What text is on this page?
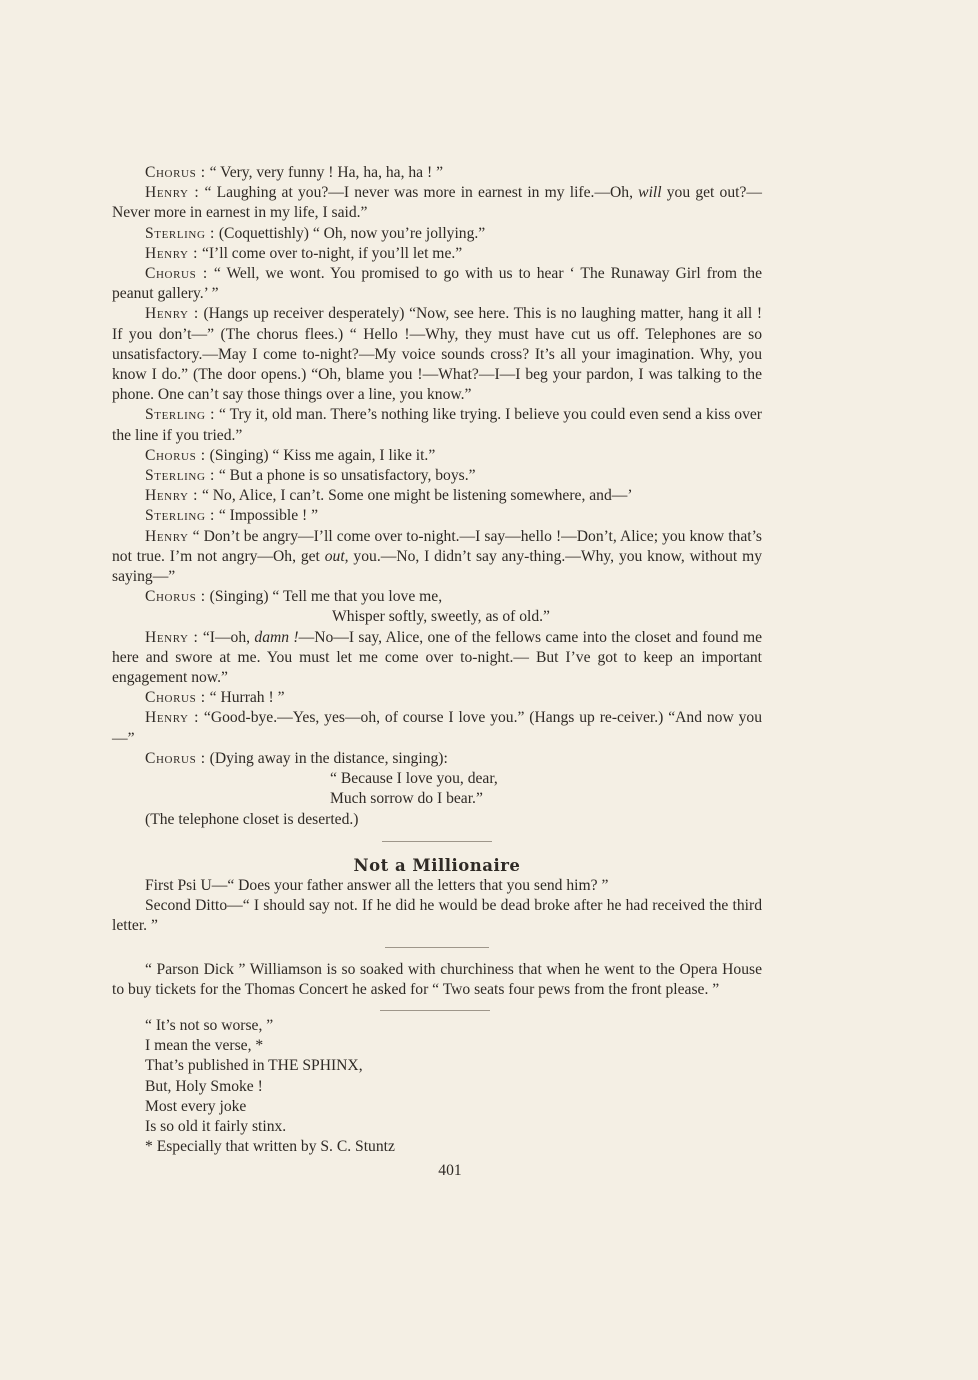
Chorus : “ Very, very funny ! Ha, ha, ha, ha ! ”

Henry : “ Laughing at you?—I never was more in earnest in my life.—Oh, will you get out?—Never more in earnest in my life, I said.”

Sterling : (Coquettishly) “ Oh, now you’re jollying.”

Henry : “I’ll come over to-night, if you’ll let me.”

Chorus : “ Well, we wont. You promised to go with us to hear ‘ The Runaway Girl from the peanut gallery.’ ”

Henry : (Hangs up receiver desperately) “Now, see here. This is no laughing matter, hang it all ! If you don’t—” (The chorus flees.) “ Hello !—Why, they must have cut us off. Telephones are so unsatisfactory.—May I come to-night?—My voice sounds cross? It’s all your imagination. Why, you know I do.” (The door opens.) “Oh, blame you !—What?—I—I beg your pardon, I was talking to the phone. One can’t say those things over a line, you know.”

Sterling : “ Try it, old man. There’s nothing like trying. I believe you could even send a kiss over the line if you tried.”

Chorus : (Singing) “ Kiss me again, I like it.”

Sterling : “ But a phone is so unsatisfactory, boys.”

Henry : “ No, Alice, I can’t. Some one might be listening somewhere, and—’

Sterling : “ Impossible ! ”

Henry “ Don’t be angry—I’ll come over to-night.—I say—hello !—Don’t, Alice; you know that’s not true. I’m not angry—Oh, get out, you.—No, I didn’t say any-thing.—Why, you know, without my saying—”

Chorus : (Singing) “ Tell me that you love me,

Whisper softly, sweetly, as of old.”

Henry : “I—oh, damn !—No—I say, Alice, one of the fellows came into the closet and found me here and swore at me. You must let me come over to-night.— But I’ve got to keep an important engagement now.”

Chorus : “ Hurrah ! ”

Henry : “Good-bye.—Yes, yes—oh, of course I love you.” (Hangs up re-ceiver.) “And now you—”

Chorus : (Dying away in the distance, singing):

“ Because I love you, dear,

Much sorrow do I bear.”

(The telephone closet is deserted.)

Not a Millionaire

First Psi U—“ Does your father answer all the letters that you send him? ”

Second Ditto—“ I should say not. If he did he would be dead broke after he had received the third letter. ”

“ Parson Dick ” Williamson is so soaked with churchiness that when he went to the Opera House to buy tickets for the Thomas Concert he asked for “ Two seats four pews from the front please. ”

“ It’s not so worse, ”

I mean the verse, *

That’s published in THE SPHINX,

But, Holy Smoke !

Most every joke

Is so old it fairly stinx.

* Especially that written by S. C. Stuntz

401
